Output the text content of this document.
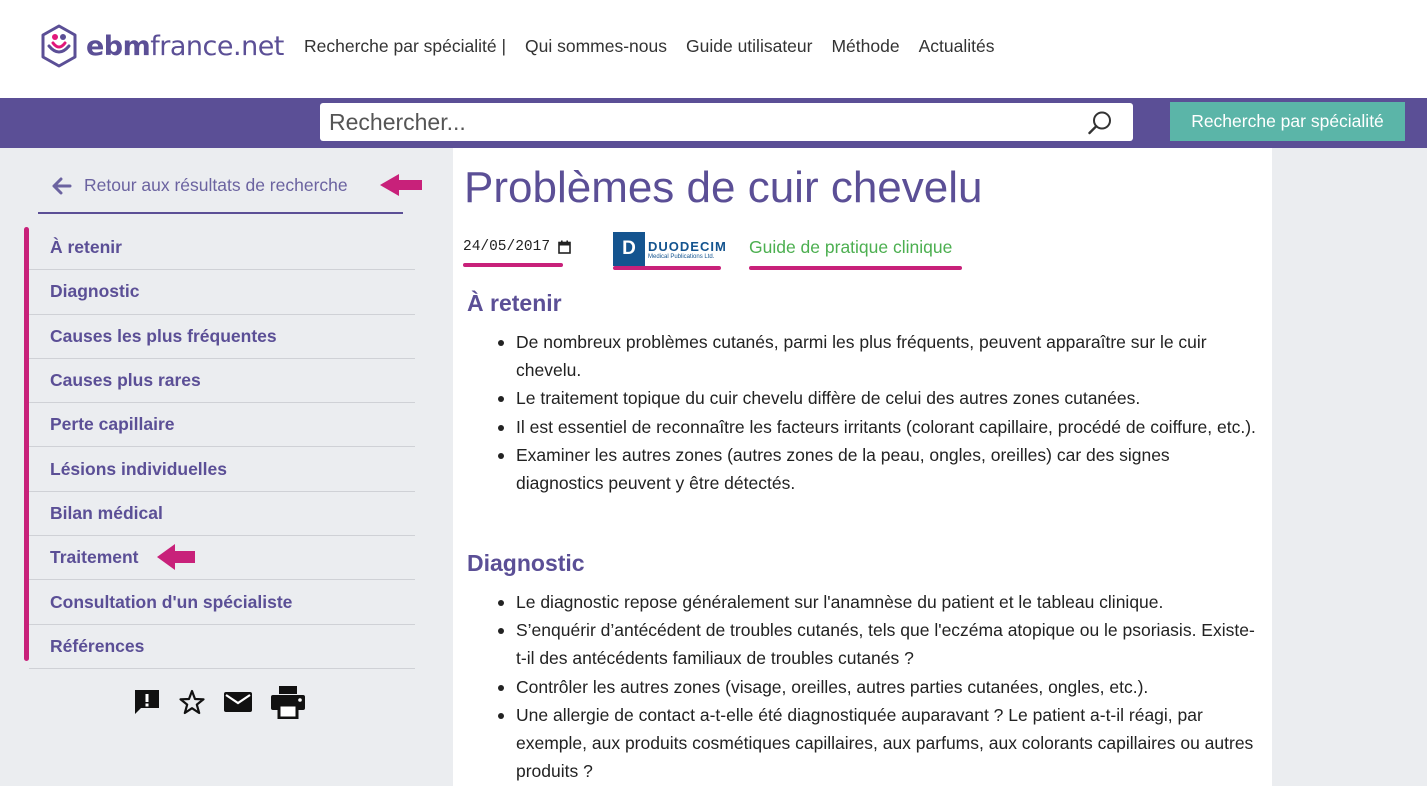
ebmfrance.net Recherche par spécialité | Qui sommes-nous Guide utilisateur Méthode Actualités
Rechercher...
Recherche par spécialité
Retour aux résultats de recherche
À retenir
Diagnostic
Causes les plus fréquentes
Causes plus rares
Perte capillaire
Lésions individuelles
Bilan médical
Traitement
Consultation d'un spécialiste
Références
Problèmes de cuir chevelu
24/05/2017	D DUODECIM
Medical Publications Ltd.	Guide de pratique clinique
À retenir
De nombreux problèmes cutanés, parmi les plus fréquents, peuvent apparaître sur le cuir chevelu.
Le traitement topique du cuir chevelu diffère de celui des autres zones cutanées.
Il est essentiel de reconnaître les facteurs irritants (colorant capillaire, procédé de coiffure, etc.).
Examiner les autres zones (autres zones de la peau, ongles, oreilles) car des signes diagnostics peuvent y être détectés.
Diagnostic
Le diagnostic repose généralement sur l'anamnèse du patient et le tableau clinique.
S’enquérir d’antécédent de troubles cutanés, tels que l'eczéma atopique ou le psoriasis. Existe-t-il des antécédents familiaux de troubles cutanés ?
Contrôler les autres zones (visage, oreilles, autres parties cutanées, ongles, etc.).
Une allergie de contact a-t-elle été diagnostiquée auparavant ? Le patient a-t-il réagi, par exemple, aux produits cosmétiques capillaires, aux parfums, aux colorants capillaires ou autres produits ?
